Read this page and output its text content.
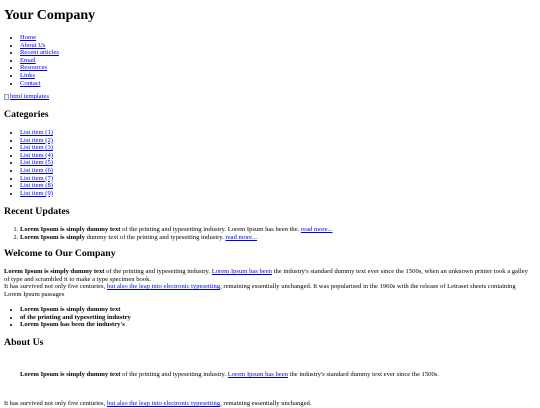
Your Company
• Home
• About Us
• Recent articles
• Email
• Resources
• Links
• Contact
html templates
Categories
• List item (1)
• List item (2)
• List item (3)
• List item (4)
• List item (5)
• List item (6)
• List item (7)
• List item (8)
• List item (9)
Recent Updates
1. Lorem Ipsum is simply dummy text of the printing and typesetting industry. Lorem Ipsum has been the. read more...
2. Lorem Ipsum is simply dummy text of the printing and typesetting industry. read more...
Welcome to Our Company

Lorem Ipsum is simply dummy text of the printing and typesetting industry. Lorem Ipsum has been the industry's standard dummy text ever since the 1500s, when an unknown printer took a galley of type and scrambled it to make a type specimen book.
It has survived not only five centuries, but also the leap into electronic typesetting, remaining essentially unchanged. It was popularised in the 1960s with the release of Letraset sheets containing Lorem Ipsum passages

• Lorem Ipsum is simply dummy text
• of the printing and typesetting industry
• Lorem Ipsum has been the industry's
About Us

Lorem Ipsum is simply dummy text of the printing and typesetting industry. Lorem Ipsum has been the industry's standard dummy text ever since the 1500s.

It has survived not only five centuries, but also the leap into electronic typesetting, remaining essentially unchanged.
